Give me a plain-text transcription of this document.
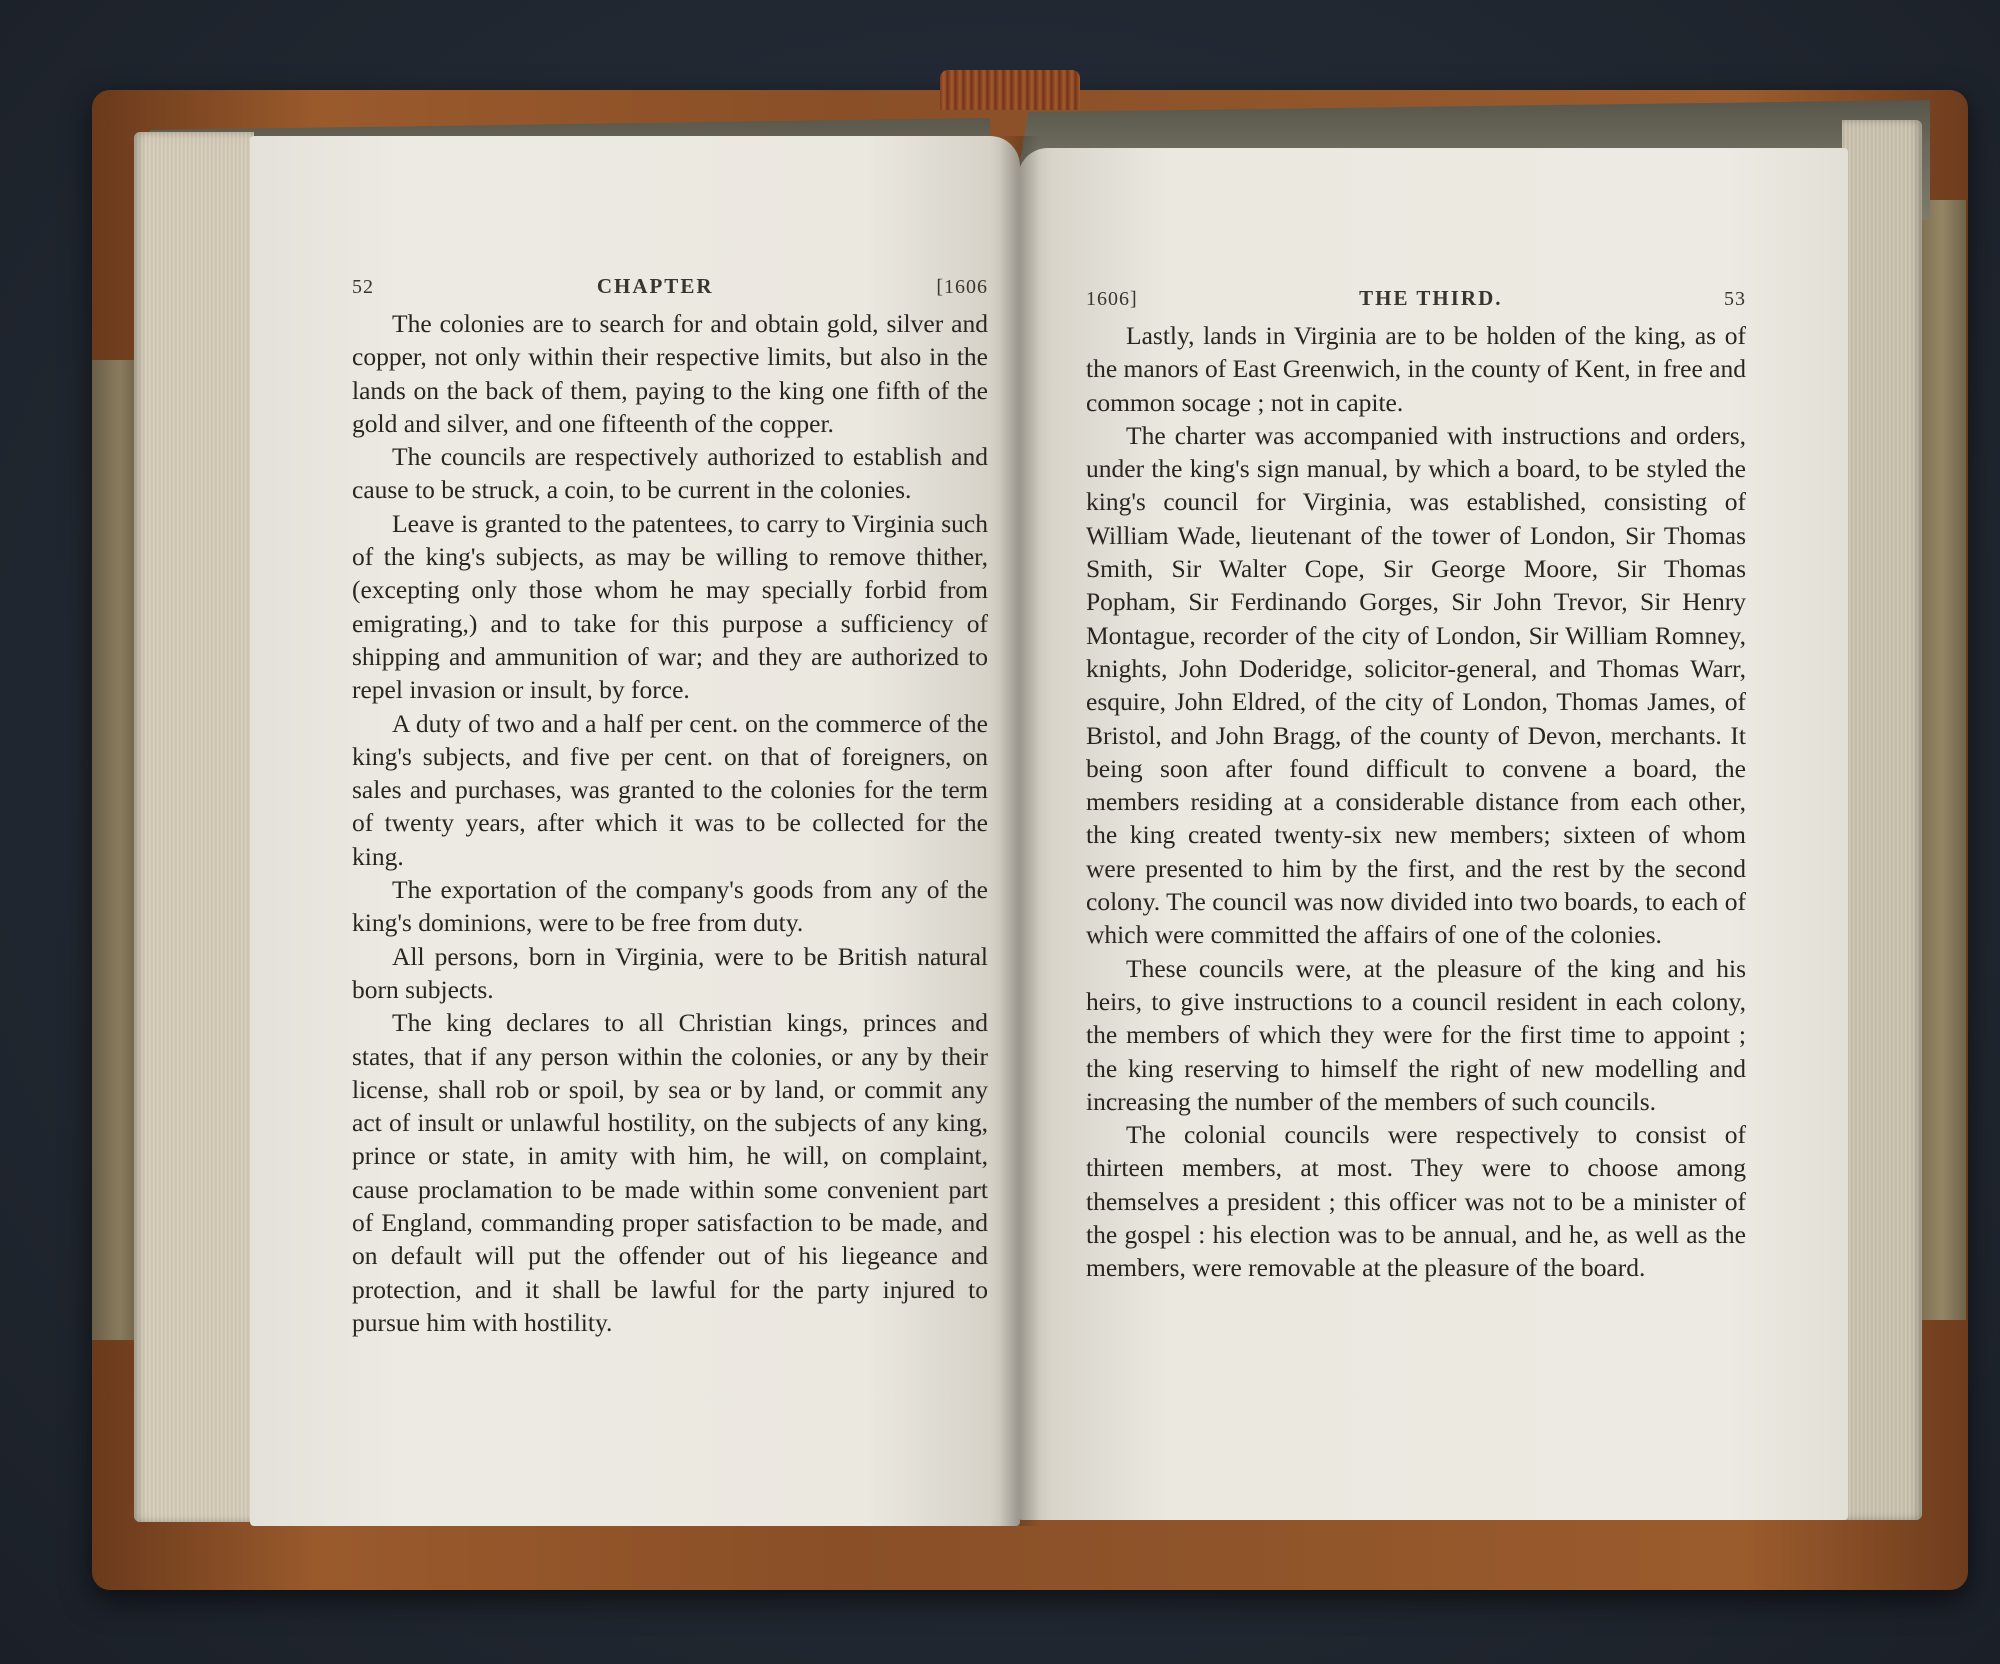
52	CHAPTER	[1606

The colonies are to search for and obtain gold, silver and copper, not only within their respective limits, but also in the lands on the back of them, paying to the king one fifth of the gold and silver, and one fifteenth of the copper.

The councils are respectively authorized to establish and cause to be struck, a coin, to be current in the colonies.

Leave is granted to the patentees, to carry to Virginia such of the king's subjects, as may be willing to remove thither, (excepting only those whom he may specially forbid from emigrating,) and to take for this purpose a sufficiency of shipping and ammunition of war; and they are authorized to repel invasion or insult, by force.

A duty of two and a half per cent. on the commerce of the king's subjects, and five per cent. on that of foreigners, on sales and purchases, was granted to the colonies for the term of twenty years, after which it was to be collected for the king.

The exportation of the company's goods from any of the king's dominions, were to be free from duty.

All persons, born in Virginia, were to be British natural born subjects.

The king declares to all Christian kings, princes and states, that if any person within the colonies, or any by their license, shall rob or spoil, by sea or by land, or commit any act of insult or unlawful hostility, on the subjects of any king, prince or state, in amity with him, he will, on complaint, cause proclamation to be made within some convenient part of England, commanding proper satisfaction to be made, and on default will put the offender out of his liegeance and protection, and it shall be lawful for the party injured to pursue him with hostility.

1606]	THE THIRD.	53

Lastly, lands in Virginia are to be holden of the king, as of the manors of East Greenwich, in the county of Kent, in free and common socage ; not in capite.

The charter was accompanied with instructions and orders, under the king's sign manual, by which a board, to be styled the king's council for Virginia, was established, consisting of William Wade, lieutenant of the tower of London, Sir Thomas Smith, Sir Walter Cope, Sir George Moore, Sir Thomas Popham, Sir Ferdinando Gorges, Sir John Trevor, Sir Henry Montague, recorder of the city of London, Sir William Romney, knights, John Doderidge, solicitor-general, and Thomas Warr, esquire, John Eldred, of the city of London, Thomas James, of Bristol, and John Bragg, of the county of Devon, merchants. It being soon after found difficult to convene a board, the members residing at a considerable distance from each other, the king created twenty-six new members; sixteen of whom were presented to him by the first, and the rest by the second colony. The council was now divided into two boards, to each of which were committed the affairs of one of the colonies.

These councils were, at the pleasure of the king and his heirs, to give instructions to a council resident in each colony, the members of which they were for the first time to appoint ; the king reserving to himself the right of new modelling and increasing the number of the members of such councils.

The colonial councils were respectively to consist of thirteen members, at most. They were to choose among themselves a president ; this officer was not to be a minister of the gospel : his election was to be annual, and he, as well as the members, were removable at the pleasure of the board.
